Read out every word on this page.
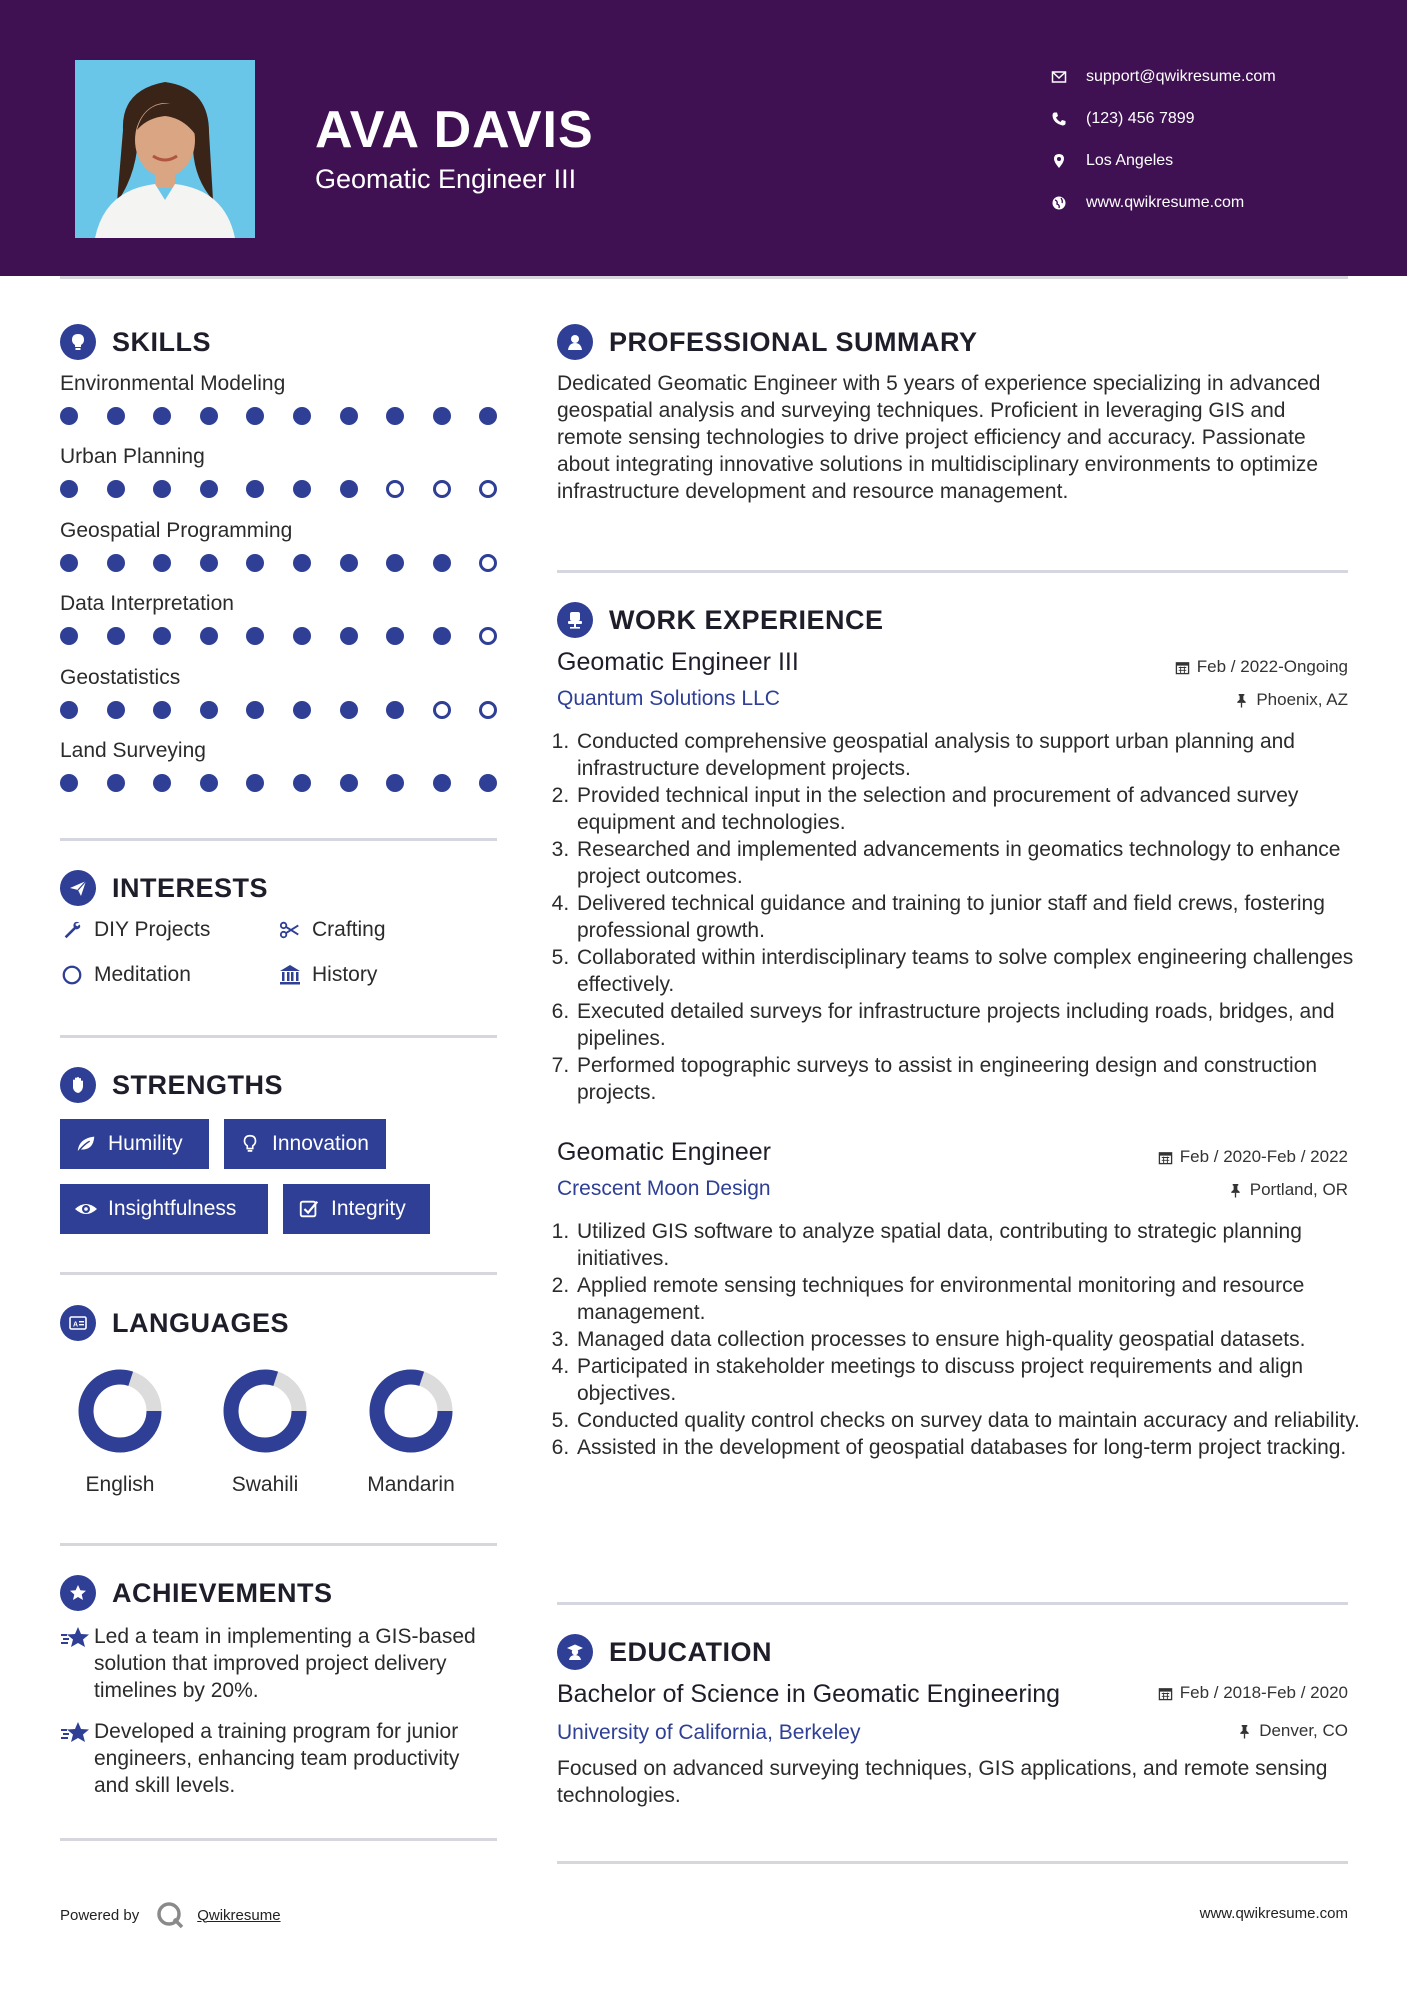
AVA DAVIS
Geomatic Engineer III
support@qwikresume.com
(123) 456 7899
Los Angeles
www.qwikresume.com
SKILLS
Environmental Modeling
Urban Planning
Geospatial Programming
Data Interpretation
Geostatistics
Land Surveying
INTERESTS
DIY Projects	Crafting
Meditation	History
STRENGTHS
Humility	Innovation
Insightfulness	Integrity
A LANGUAGES
English	Swahili	Mandarin
ACHIEVEMENTS
Led a team in implementing a GIS-based solution that improved project delivery timelines by 20%.
Developed a training program for junior engineers, enhancing team productivity and skill levels.
PROFESSIONAL SUMMARY
Dedicated Geomatic Engineer with 5 years of experience specializing in advanced geospatial analysis and surveying techniques. Proficient in leveraging GIS and remote sensing technologies to drive project efficiency and accuracy. Passionate about integrating innovative solutions in multidisciplinary environments to optimize infrastructure development and resource management.
WORK EXPERIENCE
Geomatic Engineer III	Feb / 2022-Ongoing
Quantum Solutions LLC	Phoenix, AZ
1. Conducted comprehensive geospatial analysis to support urban planning and infrastructure development projects.
2. Provided technical input in the selection and procurement of advanced survey equipment and technologies.
3. Researched and implemented advancements in geomatics technology to enhance project outcomes.
4. Delivered technical guidance and training to junior staff and field crews, fostering professional growth.
5. Collaborated within interdisciplinary teams to solve complex engineering challenges effectively.
6. Executed detailed surveys for infrastructure projects including roads, bridges, and pipelines.
7. Performed topographic surveys to assist in engineering design and construction projects.
Geomatic Engineer	Feb / 2020-Feb / 2022
Crescent Moon Design	Portland, OR
1. Utilized GIS software to analyze spatial data, contributing to strategic planning initiatives.
2. Applied remote sensing techniques for environmental monitoring and resource management.
3. Managed data collection processes to ensure high-quality geospatial datasets.
4. Participated in stakeholder meetings to discuss project requirements and align objectives.
5. Conducted quality control checks on survey data to maintain accuracy and reliability.
6. Assisted in the development of geospatial databases for long-term project tracking.
EDUCATION
Bachelor of Science in Geomatic Engineering	Feb / 2018-Feb / 2020
University of California, Berkeley	Denver, CO
Focused on advanced surveying techniques, GIS applications, and remote sensing technologies.
Powered by	Qwikresume	www.qwikresume.com
